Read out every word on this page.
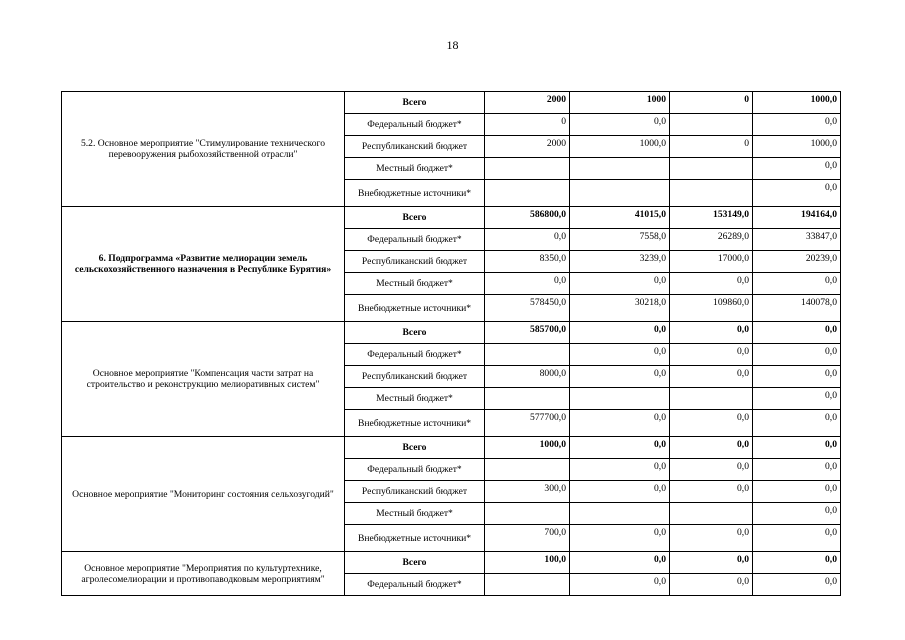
18
5.2. Основное мероприятие "Стимулирование технического перевооружения рыбохозяйственной отрасли"	Всего	2000	1000	0	1000,0
	Федеральный бюджет*	0	0,0		0,0
	Республиканский бюджет	2000	1000,0	0	1000,0
	Местный бюджет*				0,0
	Внебюджетные источники*				0,0
6. Подпрограмма «Развитие мелиорации земель сельскохозяйственного назначения в Республике Бурятия»	Всего	586800,0	41015,0	153149,0	194164,0
	Федеральный бюджет*	0,0	7558,0	26289,0	33847,0
	Республиканский бюджет	8350,0	3239,0	17000,0	20239,0
	Местный бюджет*	0,0	0,0	0,0	0,0
	Внебюджетные источники*	578450,0	30218,0	109860,0	140078,0
Основное мероприятие "Компенсация части затрат на строительство и реконструкцию мелиоративных систем"	Всего	585700,0	0,0	0,0	0,0
	Федеральный бюджет*		0,0	0,0	0,0
	Республиканский бюджет	8000,0	0,0	0,0	0,0
	Местный бюджет*				0,0
	Внебюджетные источники*	577700,0	0,0	0,0	0,0
Основное мероприятие "Мониторинг состояния сельхозугодий"	Всего	1000,0	0,0	0,0	0,0
	Федеральный бюджет*		0,0	0,0	0,0
	Республиканский бюджет	300,0	0,0	0,0	0,0
	Местный бюджет*				0,0
	Внебюджетные источники*	700,0	0,0	0,0	0,0
Основное мероприятие "Мероприятия по культуртехнике, агролесомелиорации и противопаводковым мероприятиям"	Всего	100,0	0,0	0,0	0,0
	Федеральный бюджет*		0,0	0,0	0,0
